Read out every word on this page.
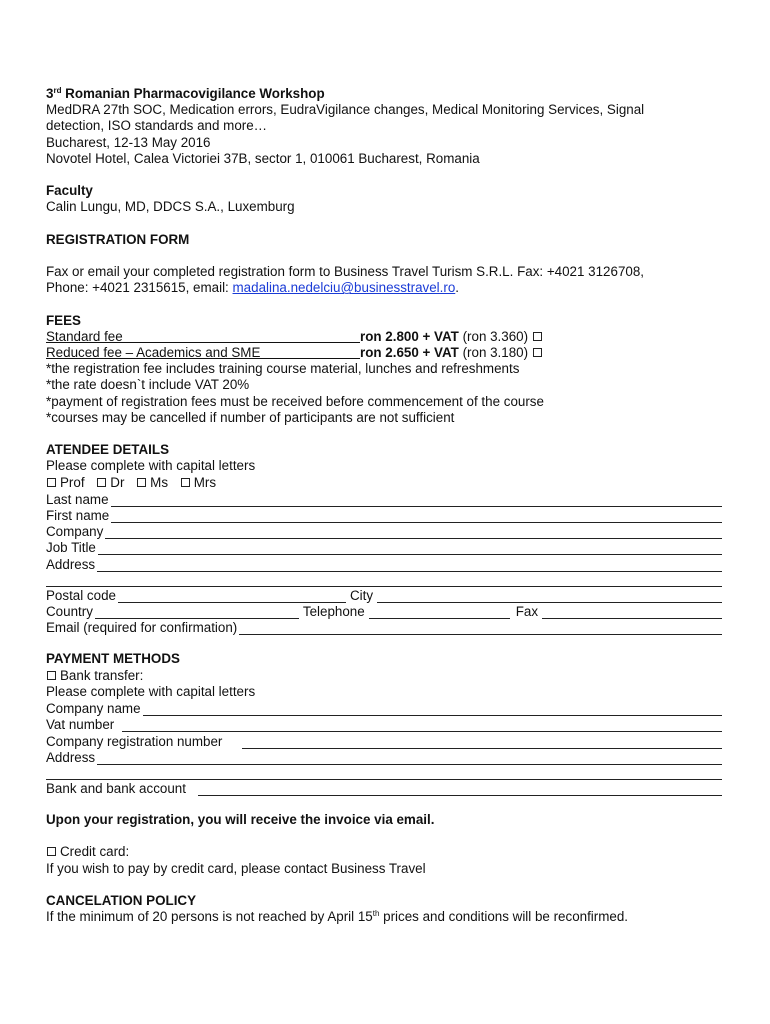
3rd Romanian Pharmacovigilance Workshop
MedDRA 27th SOC, Medication errors, EudraVigilance changes, Medical Monitoring Services, Signal
detection, ISO standards and more…
Bucharest, 12-13 May 2016
Novotel Hotel, Calea Victoriei 37B, sector 1, 010061 Bucharest, Romania
Faculty
Calin Lungu, MD, DDCS S.A., Luxemburg
REGISTRATION FORM
Fax or email your completed registration form to Business Travel Turism S.R.L. Fax: +4021 3126708,
Phone: +4021 2315615, email: madalina.nedelciu@businesstravel.ro.
FEES
Standard fee	ron 2.800 + VAT (ron 3.360)
Reduced fee – Academics and SME	ron 2.650 + VAT (ron 3.180)
*the registration fee includes training course material, lunches and refreshments
*the rate doesn`t include VAT 20%
*payment of registration fees must be received before commencement of the course
*courses may be cancelled if number of participants are not sufficient
ATENDEE DETAILS
Please complete with capital letters
Prof Dr Ms Mrs
Last name
First name
Company
Job Title
Address
Postal code	City
Country	Telephone	Fax
Email (required for confirmation)
PAYMENT METHODS
Bank transfer:
Please complete with capital letters
Company name
Vat number
Company registration number
Address
Bank and bank account
Upon your registration, you will receive the invoice via email.
Credit card:
If you wish to pay by credit card, please contact Business Travel
CANCELATION POLICY
If the minimum of 20 persons is not reached by April 15th prices and conditions will be reconfirmed.
